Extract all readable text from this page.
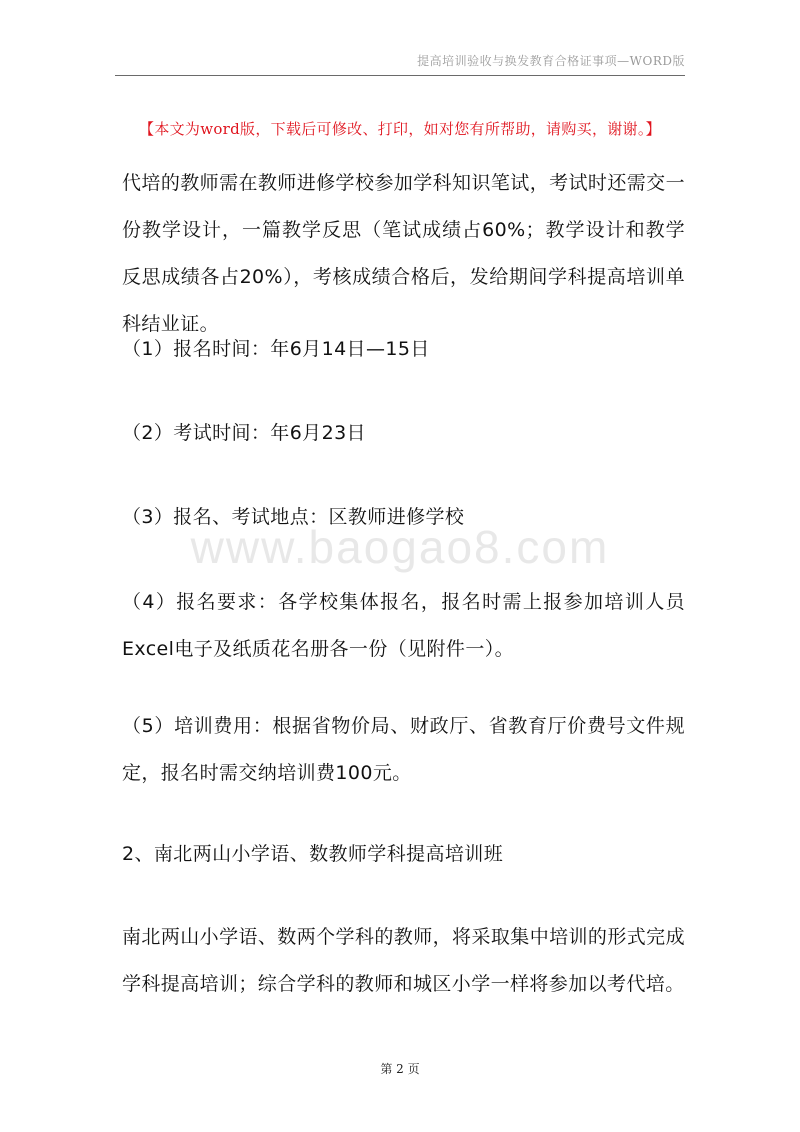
提高培训验收与换发教育合格证事项—WORD版
【本文为word版，下载后可修改、打印，如对您有所帮助，请购买，谢谢。】

代培的教师需在教师进修学校参加学科知识笔试，考试时还需交一份教学设计，一篇教学反思（笔试成绩占60%；教学设计和教学反思成绩各占20%），考核成绩合格后，发给期间学科提高培训单科结业证。

（1）报名时间：年6月14日—15日

（2）考试时间：年6月23日

（3）报名、考试地点：区教师进修学校

（4）报名要求：各学校集体报名，报名时需上报参加培训人员Excel电子及纸质花名册各一份（见附件一）。

（5）培训费用：根据省物价局、财政厅、省教育厅价费号文件规定，报名时需交纳培训费100元。

2、南北两山小学语、数教师学科提高培训班

南北两山小学语、数两个学科的教师，将采取集中培训的形式完成学科提高培训；综合学科的教师和城区小学一样将参加以考代培。

www.baogao8.com
第 2 页
